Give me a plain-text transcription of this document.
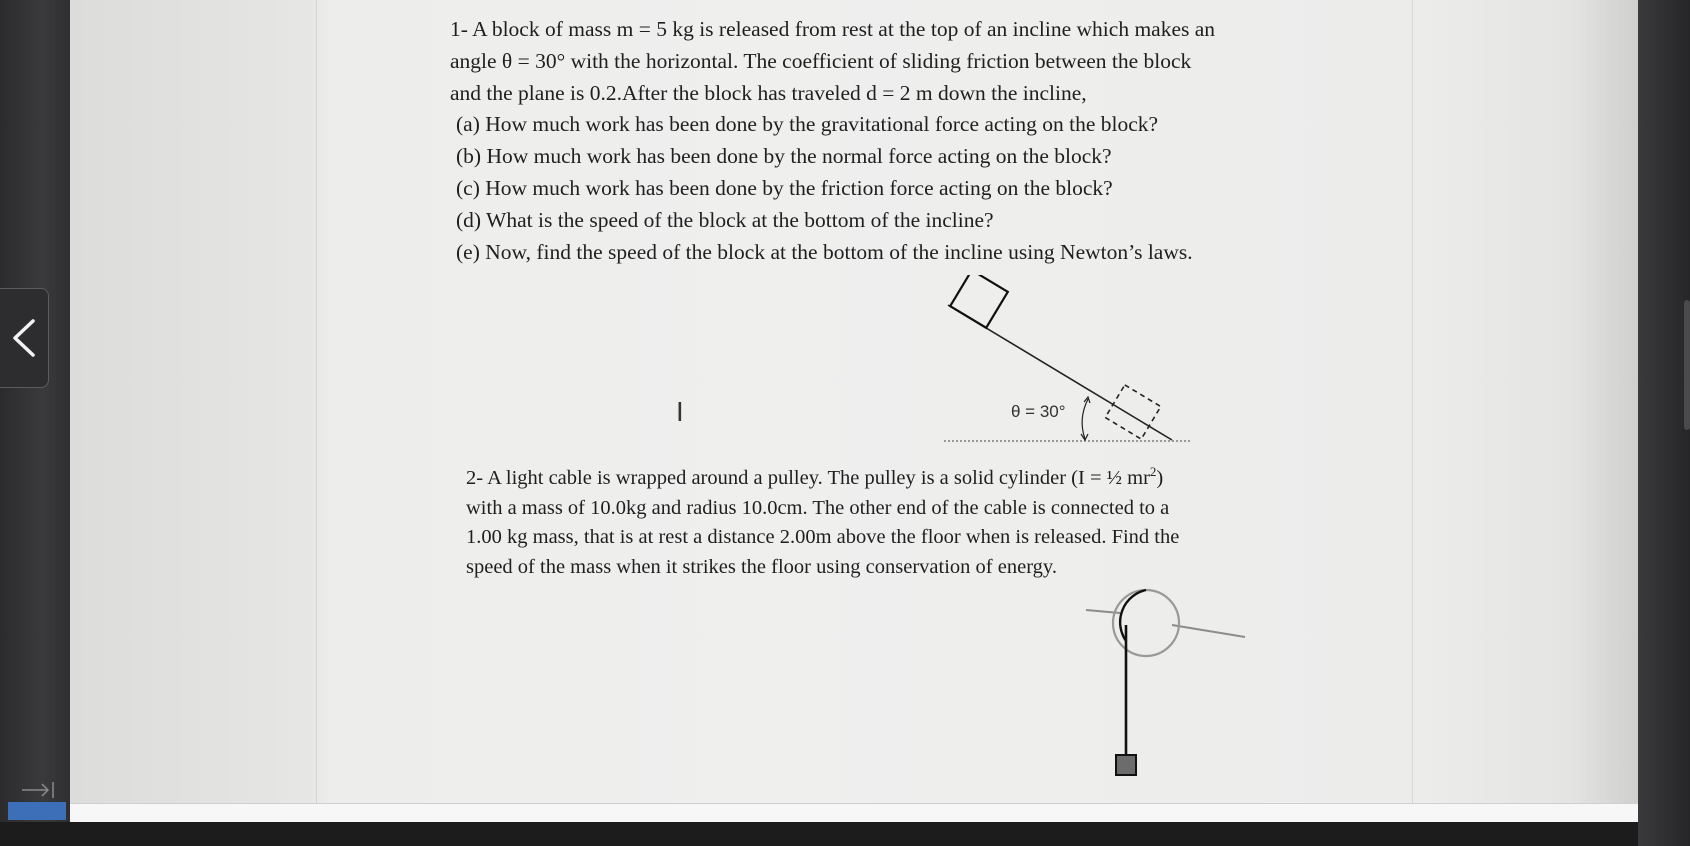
1- A block of mass m = 5 kg is released from rest at the top of an incline which makes an
angle θ = 30° with the horizontal. The coefficient of sliding friction between the block
and the plane is 0.2.After the block has traveled d = 2 m down the incline,
(a) How much work has been done by the gravitational force acting on the block?
(b) How much work has been done by the normal force acting on the block?
(c) How much work has been done by the friction force acting on the block?
(d) What is the speed of the block at the bottom of the incline?
(e) Now, find the speed of the block at the bottom of the incline using Newton’s laws.
I	θ = 30°
2- A light cable is wrapped around a pulley. The pulley is a solid cylinder (I = ½ $mr^2$)
with a mass of 10.0kg and radius 10.0cm. The other end of the cable is connected to a
1.00 kg mass, that is at rest a distance 2.00m above the floor when is released. Find the
speed of the mass when it strikes the floor using conservation of energy.
